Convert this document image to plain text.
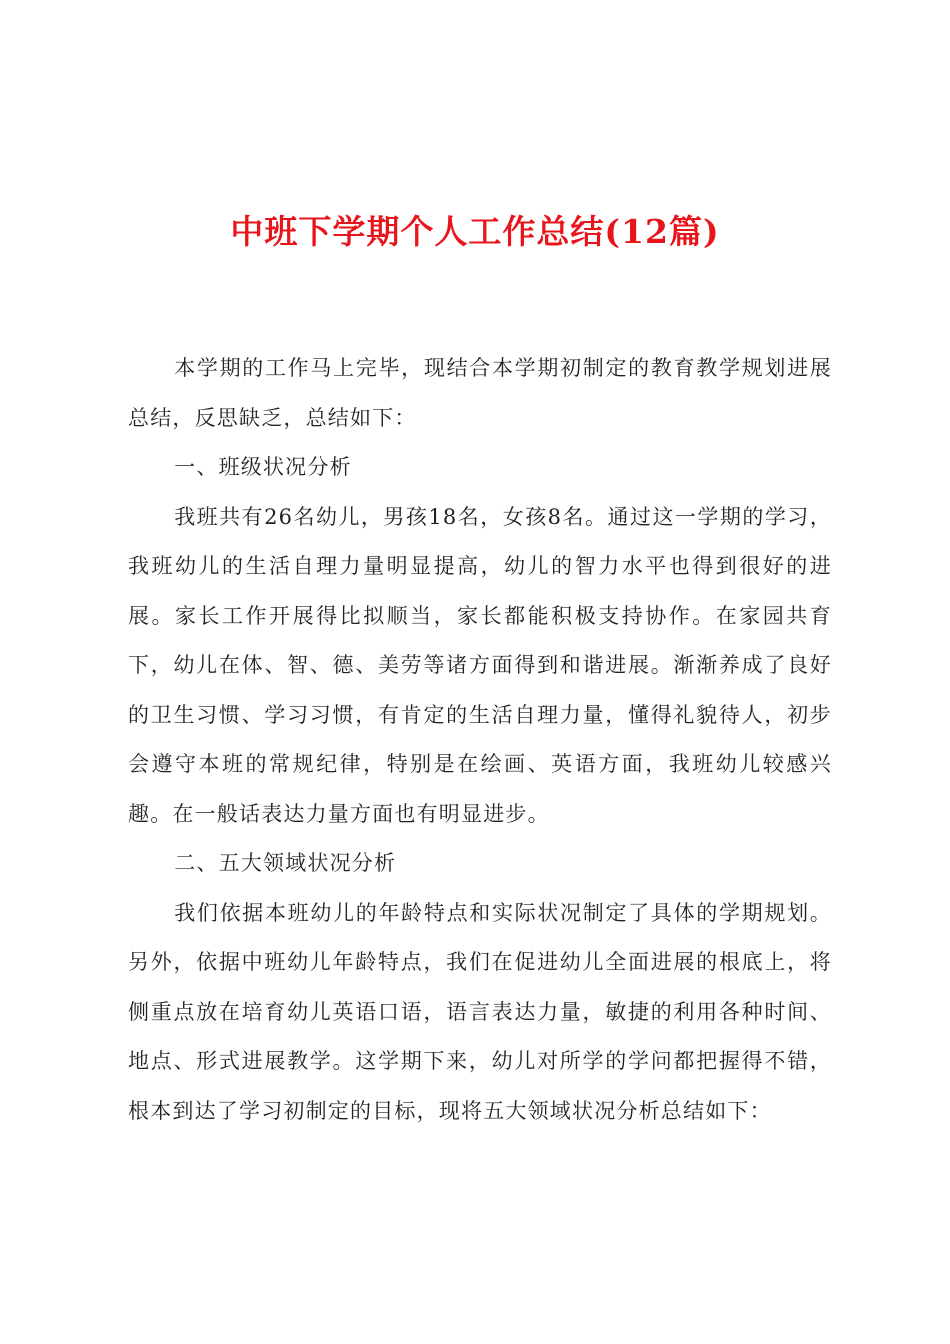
中班下学期个人工作总结(12篇)

本学期的工作马上完毕，现结合本学期初制定的教育教学规划进展总结，反思缺乏，总结如下：

一、班级状况分析

我班共有26名幼儿，男孩18名，女孩8名。通过这一学期的学习，我班幼儿的生活自理力量明显提高，幼儿的智力水平也得到很好的进展。家长工作开展得比拟顺当，家长都能积极支持协作。在家园共育下，幼儿在体、智、德、美劳等诸方面得到和谐进展。渐渐养成了良好的卫生习惯、学习习惯，有肯定的生活自理力量，懂得礼貌待人，初步会遵守本班的常规纪律，特别是在绘画、英语方面，我班幼儿较感兴趣。在一般话表达力量方面也有明显进步。

二、五大领域状况分析

我们依据本班幼儿的年龄特点和实际状况制定了具体的学期规划。另外，依据中班幼儿年龄特点，我们在促进幼儿全面进展的根底上，将侧重点放在培育幼儿英语口语，语言表达力量，敏捷的利用各种时间、地点、形式进展教学。这学期下来，幼儿对所学的学问都把握得不错，根本到达了学习初制定的目标，现将五大领域状况分析总结如下：
